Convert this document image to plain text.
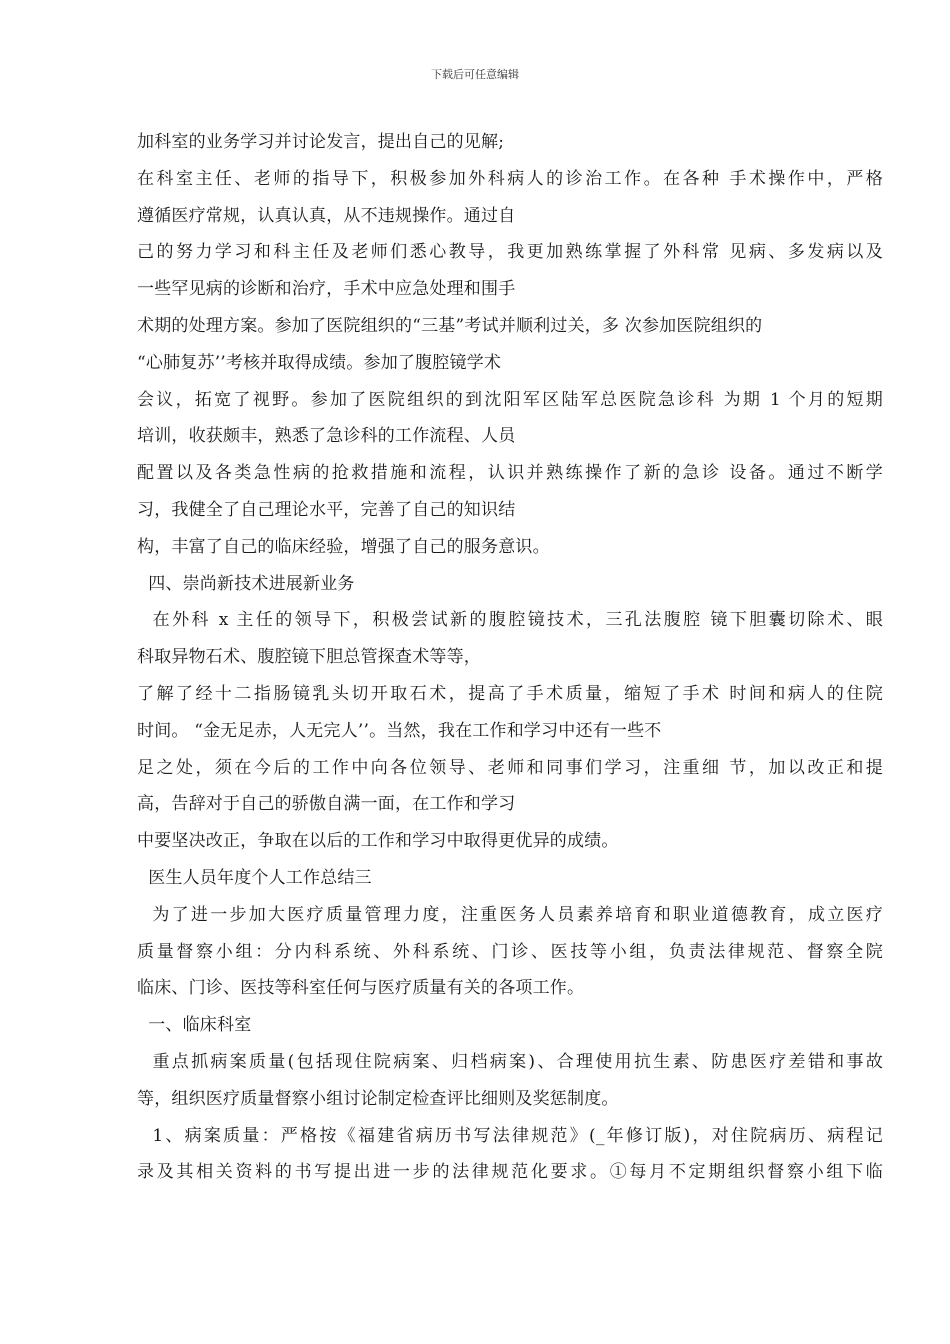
下载后可任意编辑
加科室的业务学习并讨论发言，提出自己的见解;
在科室主任、老师的指导下，积极参加外科病人的诊治工作。在各种 手术操作中，严格
遵循医疗常规，认真认真，从不违规操作。通过自
己的努力学习和科主任及老师们悉心教导，我更加熟练掌握了外科常 见病、多发病以及
一些罕见病的诊断和治疗，手术中应急处理和围手
术期的处理方案。参加了医院组织的“三基”考试并顺利过关，多 次参加医院组织的
“心肺复苏’’考核并取得成绩。参加了腹腔镜学术
会议，拓宽了视野。参加了医院组织的到沈阳军区陆军总医院急诊科 为期 1 个月的短期
培训，收获颇丰，熟悉了急诊科的工作流程、人员
配置以及各类急性病的抢救措施和流程，认识并熟练操作了新的急诊 设备。通过不断学
习，我健全了自己理论水平，完善了自己的知识结
构，丰富了自己的临床经验，增强了自己的服务意识。
四、崇尚新技术进展新业务
在外科 x 主任的领导下，积极尝试新的腹腔镜技术，三孔法腹腔 镜下胆囊切除术、眼
科取异物石术、腹腔镜下胆总管探查术等等，
了解了经十二指肠镜乳头切开取石术，提高了手术质量，缩短了手术 时间和病人的住院
时间。 “金无足赤，人无完人’’。当然，我在工作和学习中还有一些不
足之处，须在今后的工作中向各位领导、老师和同事们学习，注重细 节，加以改正和提
高，告辞对于自己的骄傲自满一面，在工作和学习
中要坚决改正，争取在以后的工作和学习中取得更优异的成绩。
医生人员年度个人工作总结三
为了进一步加大医疗质量管理力度，注重医务人员素养培育和职业道德教育，成立医疗
质量督察小组：分内科系统、外科系统、门诊、医技等小组，负责法律规范、督察全院
临床、门诊、医技等科室任何与医疗质量有关的各项工作。
一、临床科室
重点抓病案质量(包括现住院病案、归档病案)、合理使用抗生素、防患医疗差错和事故
等，组织医疗质量督察小组讨论制定检查评比细则及奖惩制度。
1、病案质量：严格按《福建省病历书写法律规范》(_年修订版)，对住院病历、病程记
录及其相关资料的书写提出进一步的法律规范化要求。①每月不定期组织督察小组下临
